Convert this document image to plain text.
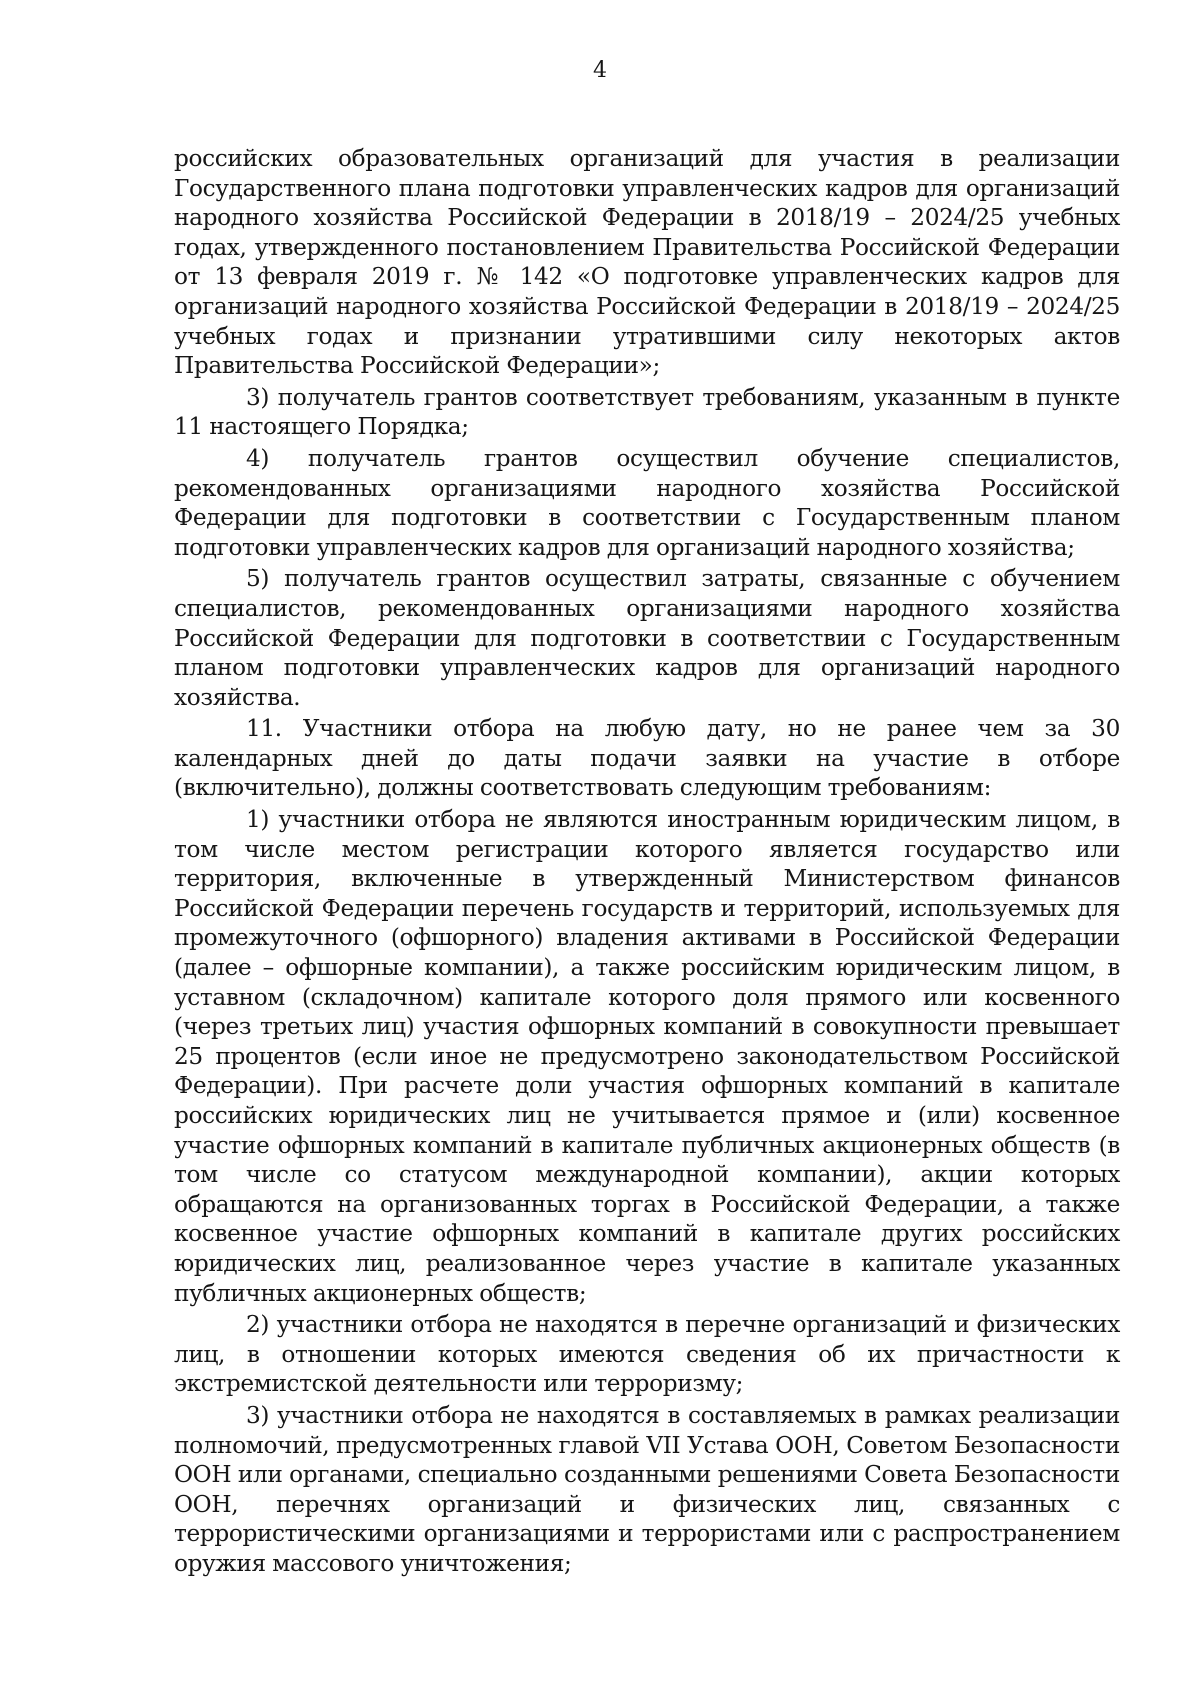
4

российских образовательных организаций для участия в реализации Государственного плана подготовки управленческих кадров для организаций народного хозяйства Российской Федерации в 2018/19 – 2024/25 учебных годах, утвержденного постановлением Правительства Российской Федерации от 13 февраля 2019 г. № 142 «О подготовке управленческих кадров для организаций народного хозяйства Российской Федерации в 2018/19 – 2024/25 учебных годах и признании утратившими силу некоторых актов Правительства Российской Федерации»;

3) получатель грантов соответствует требованиям, указанным в пункте 11 настоящего Порядка;

4) получатель грантов осуществил обучение специалистов, рекомендованных организациями народного хозяйства Российской Федерации для подготовки в соответствии с Государственным планом подготовки управленческих кадров для организаций народного хозяйства;

5) получатель грантов осуществил затраты, связанные с обучением специалистов, рекомендованных организациями народного хозяйства Российской Федерации для подготовки в соответствии с Государственным планом подготовки управленческих кадров для организаций народного хозяйства.

11. Участники отбора на любую дату, но не ранее чем за 30 календарных дней до даты подачи заявки на участие в отборе (включительно), должны соответствовать следующим требованиям:

1) участники отбора не являются иностранным юридическим лицом, в том числе местом регистрации которого является государство или территория, включенные в утвержденный Министерством финансов Российской Федерации перечень государств и территорий, используемых для промежуточного (офшорного) владения активами в Российской Федерации (далее – офшорные компании), а также российским юридическим лицом, в уставном (складочном) капитале которого доля прямого или косвенного (через третьих лиц) участия офшорных компаний в совокупности превышает 25 процентов (если иное не предусмотрено законодательством Российской Федерации). При расчете доли участия офшорных компаний в капитале российских юридических лиц не учитывается прямое и (или) косвенное участие офшорных компаний в капитале публичных акционерных обществ (в том числе со статусом международной компании), акции которых обращаются на организованных торгах в Российской Федерации, а также косвенное участие офшорных компаний в капитале других российских юридических лиц, реализованное через участие в капитале указанных публичных акционерных обществ;

2) участники отбора не находятся в перечне организаций и физических лиц, в отношении которых имеются сведения об их причастности к экстремистской деятельности или терроризму;

3) участники отбора не находятся в составляемых в рамках реализации полномочий, предусмотренных главой VII Устава ООН, Советом Безопасности ООН или органами, специально созданными решениями Совета Безопасности ООН, перечнях организаций и физических лиц, связанных с террористическими организациями и террористами или с распространением оружия массового уничтожения;
